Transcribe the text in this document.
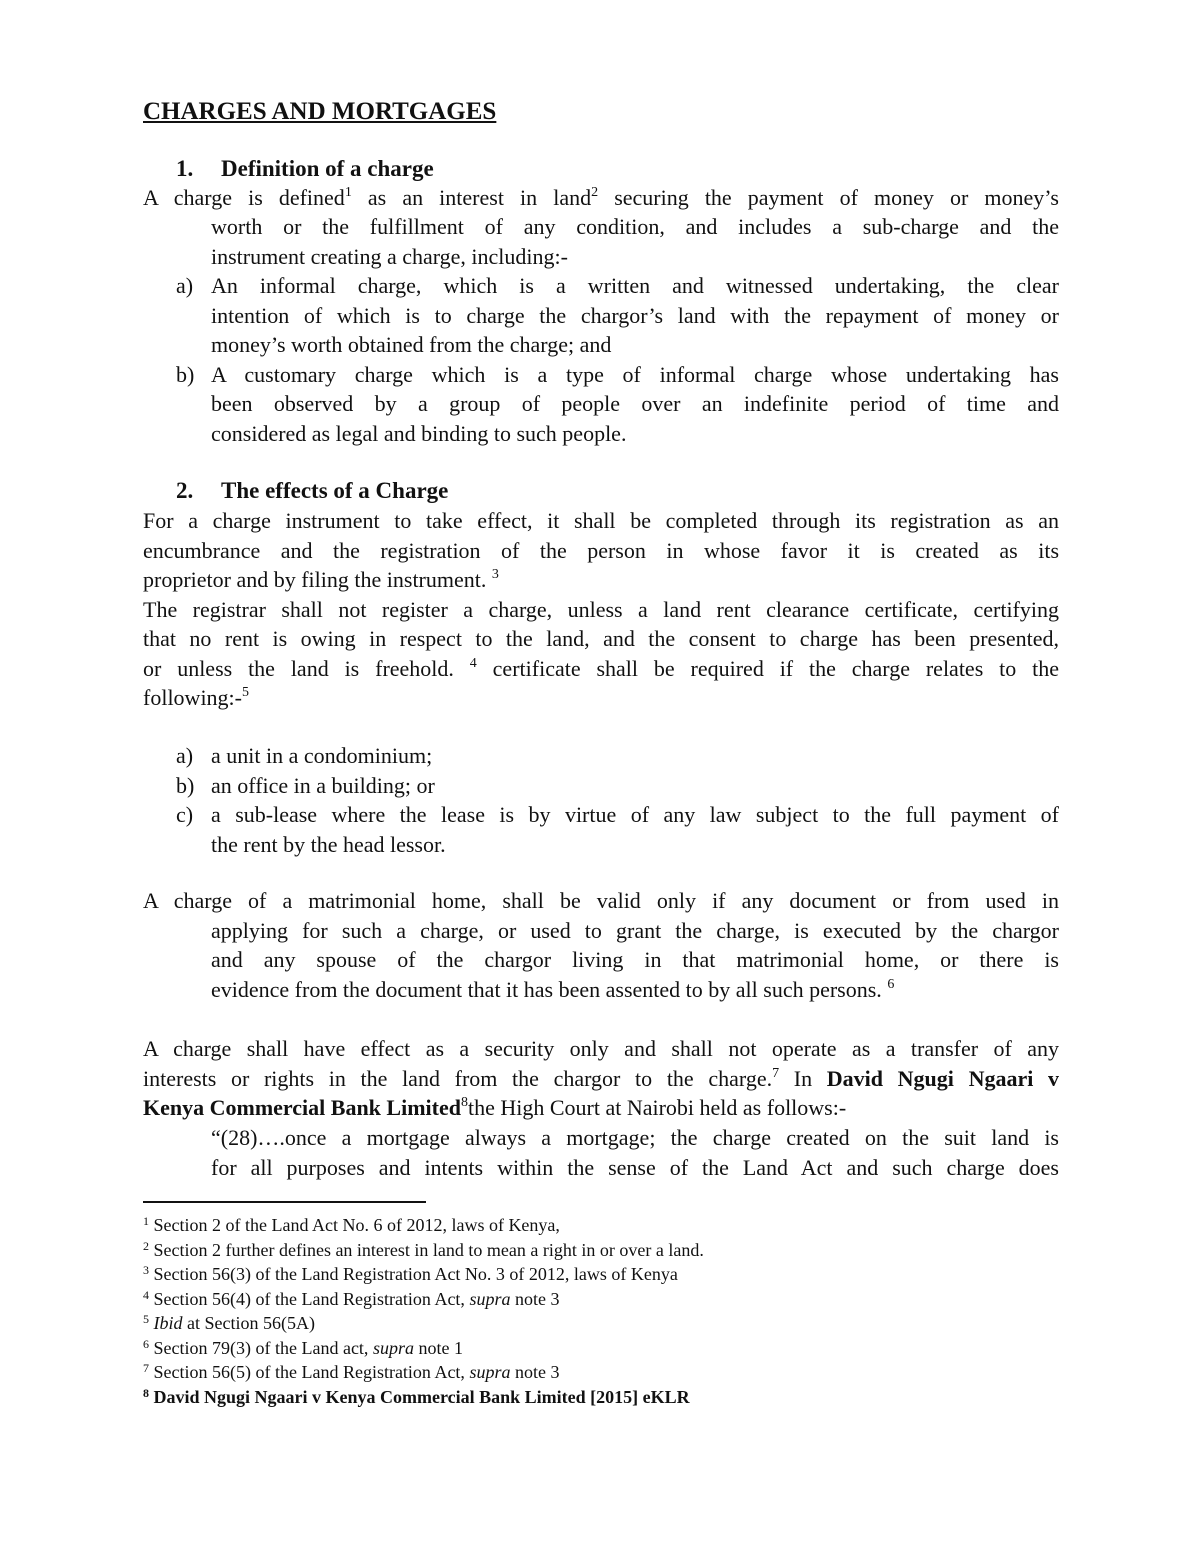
CHARGES AND MORTGAGES
1. Definition of a charge
A charge is defined$^1$ as an interest in land$^2$ securing the payment of money or money’s
worth or the fulfillment of any condition, and includes a sub-charge and the
instrument creating a charge, including:-
a) An informal charge, which is a written and witnessed undertaking, the clear
intention of which is to charge the chargor’s land with the repayment of money or
money’s worth obtained from the charge; and
b) A customary charge which is a type of informal charge whose undertaking has
been observed by a group of people over an indefinite period of time and
considered as legal and binding to such people.
2. The effects of a Charge
For a charge instrument to take effect, it shall be completed through its registration as an
encumbrance and the registration of the person in whose favor it is created as its
proprietor and by filing the instrument. $^3$
The registrar shall not register a charge, unless a land rent clearance certificate, certifying
that no rent is owing in respect to the land, and the consent to charge has been presented,
or unless the land is freehold. $^4$ certificate shall be required if the charge relates to the
following:-$^5$
a) a unit in a condominium;
b) an office in a building; or
c) a sub-lease where the lease is by virtue of any law subject to the full payment of
the rent by the head lessor.
A charge of a matrimonial home, shall be valid only if any document or from used in
applying for such a charge, or used to grant the charge, is executed by the chargor
and any spouse of the chargor living in that matrimonial home, or there is
evidence from the document that it has been assented to by all such persons. $^6$
A charge shall have effect as a security only and shall not operate as a transfer of any
interests or rights in the land from the chargor to the charge.$^7$ In David Ngugi Ngaari v
Kenya Commercial Bank Limited$^8$the High Court at Nairobi held as follows:-
“(28)….once a mortgage always a mortgage; the charge created on the suit land is
for all purposes and intents within the sense of the Land Act and such charge does
$^1$ Section 2 of the Land Act No. 6 of 2012, laws of Kenya,
$^2$ Section 2 further defines an interest in land to mean a right in or over a land.
$^3$ Section 56(3) of the Land Registration Act No. 3 of 2012, laws of Kenya
$^4$ Section 56(4) of the Land Registration Act, supra note 3
$^5$ Ibid at Section 56(5A)
$^6$ Section 79(3) of the Land act, supra note 1
$^7$ Section 56(5) of the Land Registration Act, supra note 3
$^8$ David Ngugi Ngaari v Kenya Commercial Bank Limited [2015] eKLR
